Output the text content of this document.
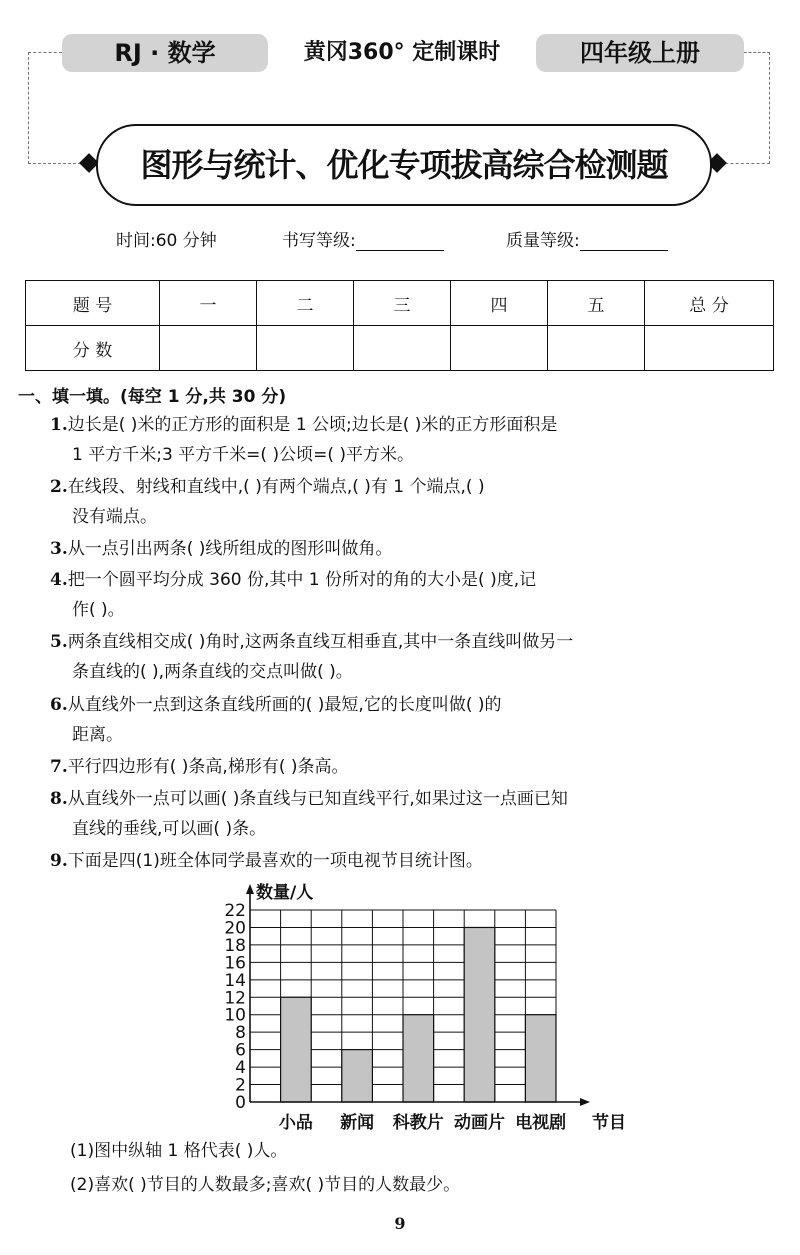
RJ · 数学	黄冈360° 定制课时	四年级上册
图形与统计、优化专项拔高综合检测题
时间:60 分钟	书写等级:	质量等级:
题 号	一	二	三	四	五	总 分
分 数						
一、填一填。(每空 1 分,共 30 分)
1.边长是( )米的正方形的面积是 1 公顷;边长是( )米的正方形面积是
1 平方千米;3 平方千米=( )公顷=( )平方米。
2.在线段、射线和直线中,( )有两个端点,( )有 1 个端点,( )
没有端点。
3.从一点引出两条( )线所组成的图形叫做角。
4.把一个圆平均分成 360 份,其中 1 份所对的角的大小是( )度,记
作( )。
5.两条直线相交成( )角时,这两条直线互相垂直,其中一条直线叫做另一
条直线的( ),两条直线的交点叫做( )。
6.从直线外一点到这条直线所画的( )最短,它的长度叫做( )的
距离。
7.平行四边形有( )条高,梯形有( )条高。
8.从直线外一点可以画( )条直线与已知直线平行,如果过这一点画已知
直线的垂线,可以画( )条。
9.下面是四(1)班全体同学最喜欢的一项电视节目统计图。
0
2
4
6
8
10
12
14
16
18
20
22
小品 新闻 科教片 动画片 电视剧
数量/人
节目
(1)图中纵轴 1 格代表( )人。
(2)喜欢( )节目的人数最多;喜欢( )节目的人数最少。
9
